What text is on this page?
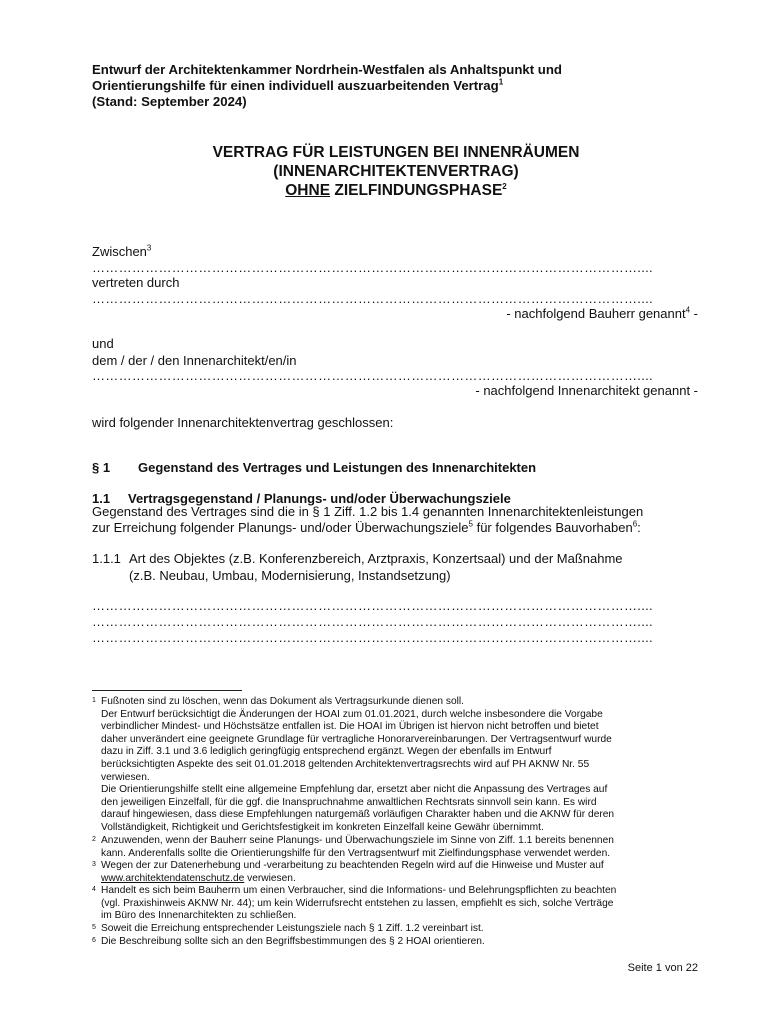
Entwurf der Architektenkammer Nordrhein-Westfalen als Anhaltspunkt und
Orientierungshilfe für einen individuell auszuarbeitenden Vertrag$^1$
(Stand: September 2024)
VERTRAG FÜR LEISTUNGEN BEI INNENRÄUMEN
(INNENARCHITEKTENVERTRAG)
OHNE ZIELFINDUNGSPHASE$^2$
Zwischen$^3$
……………………………………………………………………………………………………………....
vertreten durch
……………………………………………………………………………………………………………....
- nachfolgend Bauherr genannt$^4$ -
und
dem / der / den Innenarchitekt/en/in
……………………………………………………………………………………………………………....
- nachfolgend Innenarchitekt genannt -
wird folgender Innenarchitektenvertrag geschlossen:
§ 1 Gegenstand des Vertrages und Leistungen des Innenarchitekten
1.1 Vertragsgegenstand / Planungs- und/oder Überwachungsziele
Gegenstand des Vertrages sind die in § 1 Ziff. 1.2 bis 1.4 genannten Innenarchitektenleistungen
zur Erreichung folgender Planungs- und/oder Überwachungsziele$^5$ für folgendes Bauvorhaben$^6$:
1.1.1 Art des Objektes (z.B. Konferenzbereich, Arztpraxis, Konzertsaal) und der Maßnahme
(z.B. Neubau, Umbau, Modernisierung, Instandsetzung)
……………………………………………………………………………………………………………....
……………………………………………………………………………………………………………....
……………………………………………………………………………………………………………....
1 Fußnoten sind zu löschen, wenn das Dokument als Vertragsurkunde dienen soll.
Der Entwurf berücksichtigt die Änderungen der HOAI zum 01.01.2021, durch welche insbesondere die Vorgabe
verbindlicher Mindest- und Höchstsätze entfallen ist. Die HOAI im Übrigen ist hiervon nicht betroffen und bietet
daher unverändert eine geeignete Grundlage für vertragliche Honorarvereinbarungen. Der Vertragsentwurf wurde
dazu in Ziff. 3.1 und 3.6 lediglich geringfügig entsprechend ergänzt. Wegen der ebenfalls im Entwurf
berücksichtigten Aspekte des seit 01.01.2018 geltenden Architektenvertragsrechts wird auf PH AKNW Nr. 55
verwiesen.
Die Orientierungshilfe stellt eine allgemeine Empfehlung dar, ersetzt aber nicht die Anpassung des Vertrages auf
den jeweiligen Einzelfall, für die ggf. die Inanspruchnahme anwaltlichen Rechtsrats sinnvoll sein kann. Es wird
darauf hingewiesen, dass diese Empfehlungen naturgemäß vorläufigen Charakter haben und die AKNW für deren
Vollständigkeit, Richtigkeit und Gerichtsfestigkeit im konkreten Einzelfall keine Gewähr übernimmt.
2 Anzuwenden, wenn der Bauherr seine Planungs- und Überwachungsziele im Sinne von Ziff. 1.1 bereits benennen
kann. Anderenfalls sollte die Orientierungshilfe für den Vertragsentwurf mit Zielfindungsphase verwendet werden.
3 Wegen der zur Datenerhebung und -verarbeitung zu beachtenden Regeln wird auf die Hinweise und Muster auf
www.architektendatenschutz.de verwiesen.
4 Handelt es sich beim Bauherrn um einen Verbraucher, sind die Informations- und Belehrungspflichten zu beachten
(vgl. Praxishinweis AKNW Nr. 44); um kein Widerrufsrecht entstehen zu lassen, empfiehlt es sich, solche Verträge
im Büro des Innenarchitekten zu schließen.
5 Soweit die Erreichung entsprechender Leistungsziele nach § 1 Ziff. 1.2 vereinbart ist.
6 Die Beschreibung sollte sich an den Begriffsbestimmungen des § 2 HOAI orientieren.
Seite 1 von 22
